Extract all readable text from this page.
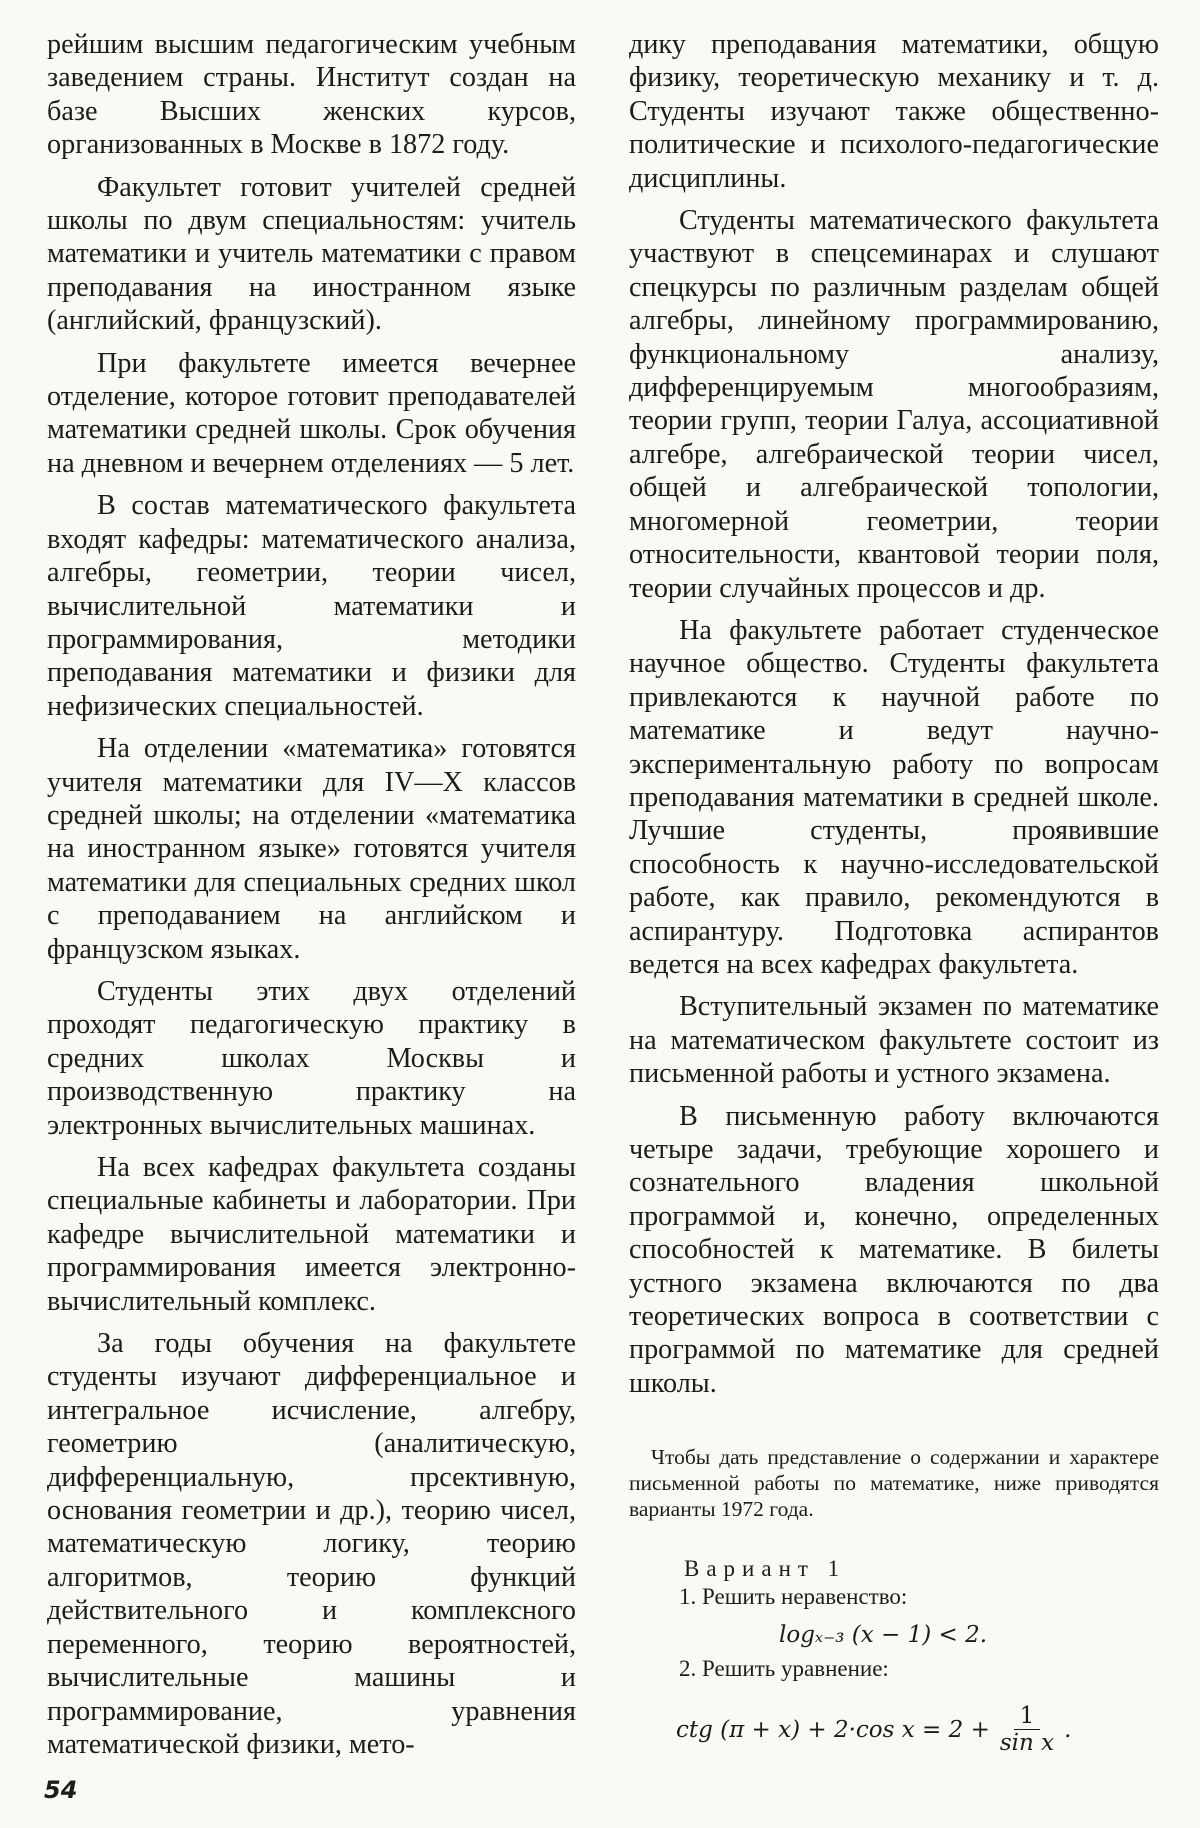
рейшим высшим педагогическим учебным заведением страны. Институт создан на базе Высших женских курсов, организованных в Москве в 1872 году.

Факультет готовит учителей средней школы по двум специальностям: учитель математики и учитель математики с правом преподавания на иностранном языке (английский, французский).

При факультете имеется вечернее отделение, которое готовит преподавателей математики средней школы. Срок обучения на дневном и вечернем отделениях — 5 лет.

В состав математического факультета входят кафедры: математического анализа, алгебры, геометрии, теории чисел, вычислительной математики и программирования, методики преподавания математики и физики для нефизических специальностей.

На отделении «математика» готовятся учителя математики для IV—X классов средней школы; на отделении «математика на иностранном языке» готовятся учителя математики для специальных средних школ с преподаванием на английском и французском языках.

Студенты этих двух отделений проходят педагогическую практику в средних школах Москвы и производственную практику на электронных вычислительных машинах.

На всех кафедрах факультета созданы специальные кабинеты и лаборатории. При кафедре вычислительной математики и программирования имеется электронно-вычислительный комплекс.

За годы обучения на факультете студенты изучают дифференциальное и интегральное исчисление, алгебру, геометрию (аналитическую, дифференциальную, прсективную, основания геометрии и др.), теорию чисел, математическую логику, теорию алгоритмов, теорию функций действительного и комплексного переменного, теорию вероятностей, вычислительные машины и программирование, уравнения математической физики, мето-

дику преподавания математики, общую физику, теоретическую механику и т. д. Студенты изучают также общественно-политические и психолого-педагогические дисциплины.

Студенты математического факультета участвуют в спецсеминарах и слушают спецкурсы по различным разделам общей алгебры, линейному программированию, функциональному анализу, дифференцируемым многообразиям, теории групп, теории Галуа, ассоциативной алгебре, алгебраической теории чисел, общей и алгебраической топологии, многомерной геометрии, теории относительности, квантовой теории поля, теории случайных процессов и др.

На факультете работает студенческое научное общество. Студенты факультета привлекаются к научной работе по математике и ведут научно-экспериментальную работу по вопросам преподавания математики в средней школе. Лучшие студенты, проявившие способность к научно-исследовательской работе, как правило, рекомендуются в аспирантуру. Подготовка аспирантов ведется на всех кафедрах факультета.

Вступительный экзамен по математике на математическом факультете состоит из письменной работы и устного экзамена.

В письменную работу включаются четыре задачи, требующие хорошего и сознательного владения школьной программой и, конечно, определенных способностей к математике. В билеты устного экзамена включаются по два теоретических вопроса в соответствии с программой по математике для средней школы.

Чтобы дать представление о содержании и характере письменной работы по математике, ниже приводятся варианты 1972 года.
Вариант 1
1. Решить неравенство:
logₓ₋₃ (x − 1) < 2.
2. Решить уравнение:
ctg (π + x) + 2·cos $x = 2 + \frac{1}{\text{sin x}}$ .
54
